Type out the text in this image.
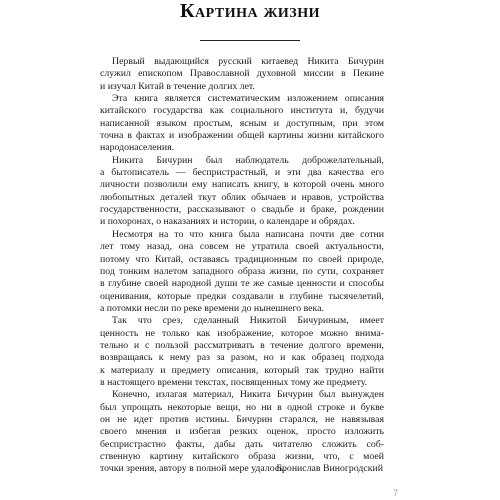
Картина жизни
Первый выдающийся русский китаевед Никита Бичурин
служил епископом Православной духовной миссии в Пекине
и изучал Китай в течение долгих лет.
Эта книга является систематическим изложением описания
китайского государства как социального института и, будучи
написанной языком простым, ясным и доступным, при этом
точна в фактах и изображении общей картины жизни китайского
народонаселения.
Никита Бичурин был наблюдатель доброжелательный,
а бытописатель — беспристрастный, и эти два качества его
личности позволили ему написать книгу, в которой очень много
любопытных деталей ткут облик обычаев и нравов, устройства
государственности, рассказывают о свадьбе и браке, рождении
и похоронах, о наказаниях и истории, о календаре и обрядах.
Несмотря на то что книга была написана почти две сотни
лет тому назад, она совсем не утратила своей актуальности,
потому что Китай, оставаясь традиционным по своей природе,
под тонким налетом западного образа жизни, по сути, сохраняет
в глубине своей народной души те же самые ценности и способы
оценивания, которые предки создавали в глубине тысячелетий,
а потомки несли по реке времени до нынешнего века.
Так что срез, сделанный Никитой Бичуриным, имеет
ценность не только как изображение, которое можно внима-
тельно и с пользой рассматривать в течение долгого времени,
возвращаясь к нему раз за разом, но и как образец подхода
к материалу и предмету описания, который так трудно найти
в настоящего времени текстах, посвященных тому же предмету.
Конечно, излагая материал, Никита Бичурин был вынужден
был упрощать некоторые вещи, но ни в одной строке и букве
он не идет против истины. Бичурин старался, не навязывая
своего мнения и избегая резких оценок, просто изложить
беспристрастно факты, дабы дать читателю сложить соб-
ственную картину китайского образа жизни, что, с моей
точки зрения, автору в полной мере удалось.
Бронислав Виногродский
7
